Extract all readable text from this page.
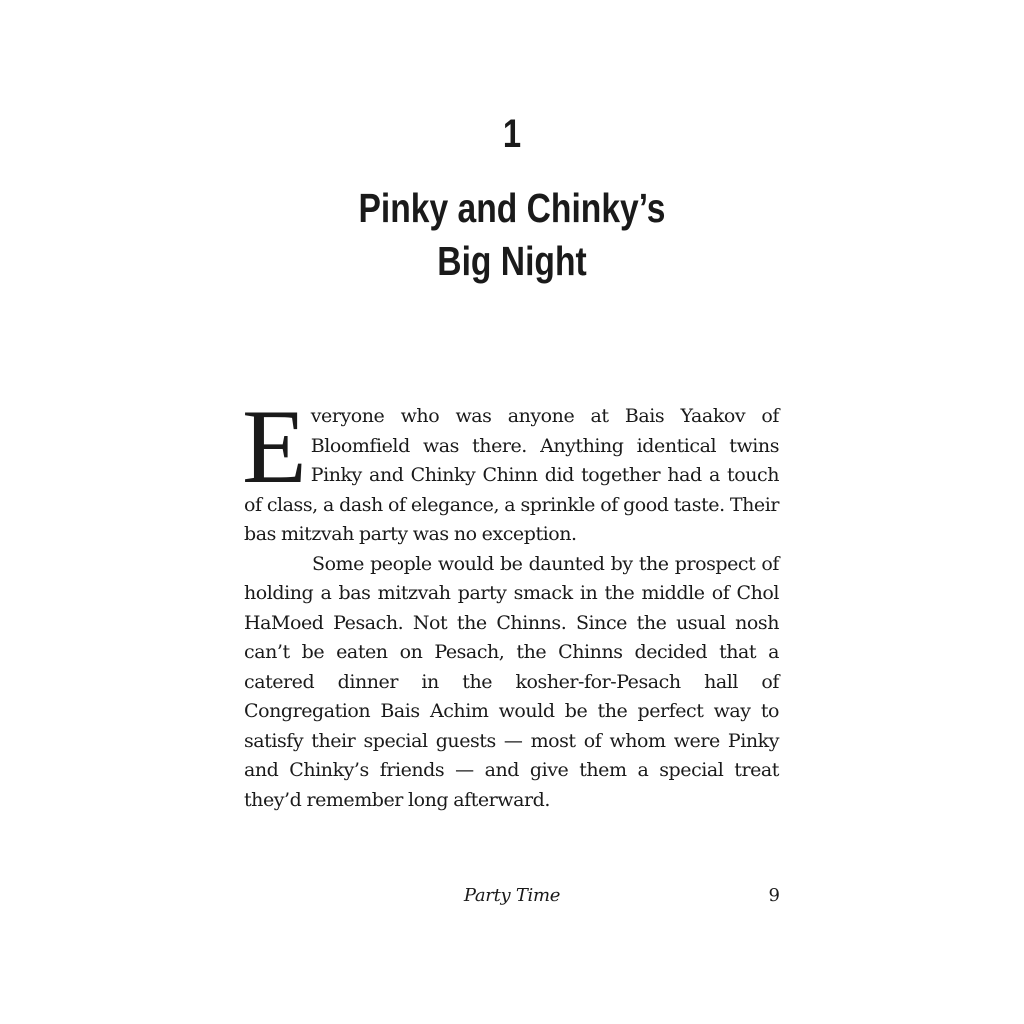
1
Pinky and Chinky’s
Big Night

Everyone who was anyone at Bais Yaakov of Bloomfield was there. Anything identical twins Pinky and Chinky Chinn did together had a touch of class, a dash of elegance, a sprinkle of good taste. Their bas mitzvah party was no exception.

Some people would be daunted by the prospect of holding a bas mitzvah party smack in the middle of Chol HaMoed Pesach. Not the Chinns. Since the usual nosh can’t be eaten on Pesach, the Chinns decided that a catered dinner in the kosher-for-Pesach hall of Congregation Bais Achim would be the perfect way to satisfy their special guests — most of whom were Pinky and Chinky’s friends — and give them a special treat they’d remember long afterward.

Party Time	9
